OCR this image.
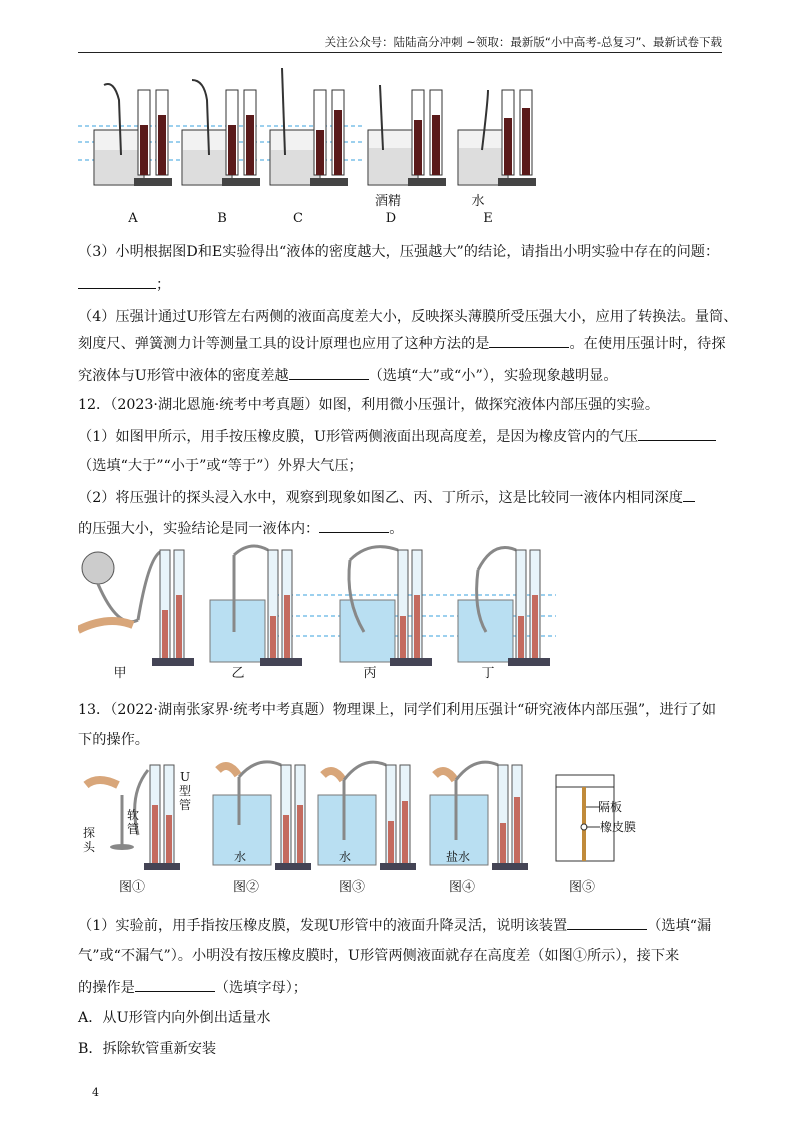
关注公众号：陆陆高分冲刺 ~领取：最新版“小中高考-总复习”、最新试卷下载
酒精	水
A	B	C	D	E
（3）小明根据图D和E实验得出“液体的密度越大，压强越大”的结论，请指出小明实验中存在的问题：
；
（4）压强计通过U形管左右两侧的液面高度差大小，反映探头薄膜所受压强大小，应用了转换法。量筒、
刻度尺、弹簧测力计等测量工具的设计原理也应用了这种方法的是	。在使用压强计时，待探
究液体与U形管中液体的密度差越	（选填“大”或“小”），实验现象越明显。
12．（2023·湖北恩施·统考中考真题）如图，利用微小压强计，做探究液体内部压强的实验。
（1）如图甲所示，用手按压橡皮膜，U形管两侧液面出现高度差，是因为橡皮管内的气压
（选填“大于”“小于”或“等于”）外界大气压；
（2）将压强计的探头浸入水中，观察到现象如图乙、丙、丁所示，这是比较同一液体内相同深度
的压强大小，实验结论是同一液体内：	。
甲	乙	丙	丁
13．（2022·湖南张家界·统考中考真题）物理课上，同学们利用压强计“研究液体内部压强”，进行了如
下的操作。
U型管
软管
探头
水	水	盐水
隔板
橡皮膜
图①	图②	图③	图④	图⑤
（1）实验前，用手指按压橡皮膜，发现U形管中的液面升降灵活，说明该装置	（选填“漏
气”或“不漏气”）。小明没有按压橡皮膜时，U形管两侧液面就存在高度差（如图①所示），接下来
的操作是	（选填字母）；
A．从U形管内向外倒出适量水
B．拆除软管重新安装
4
